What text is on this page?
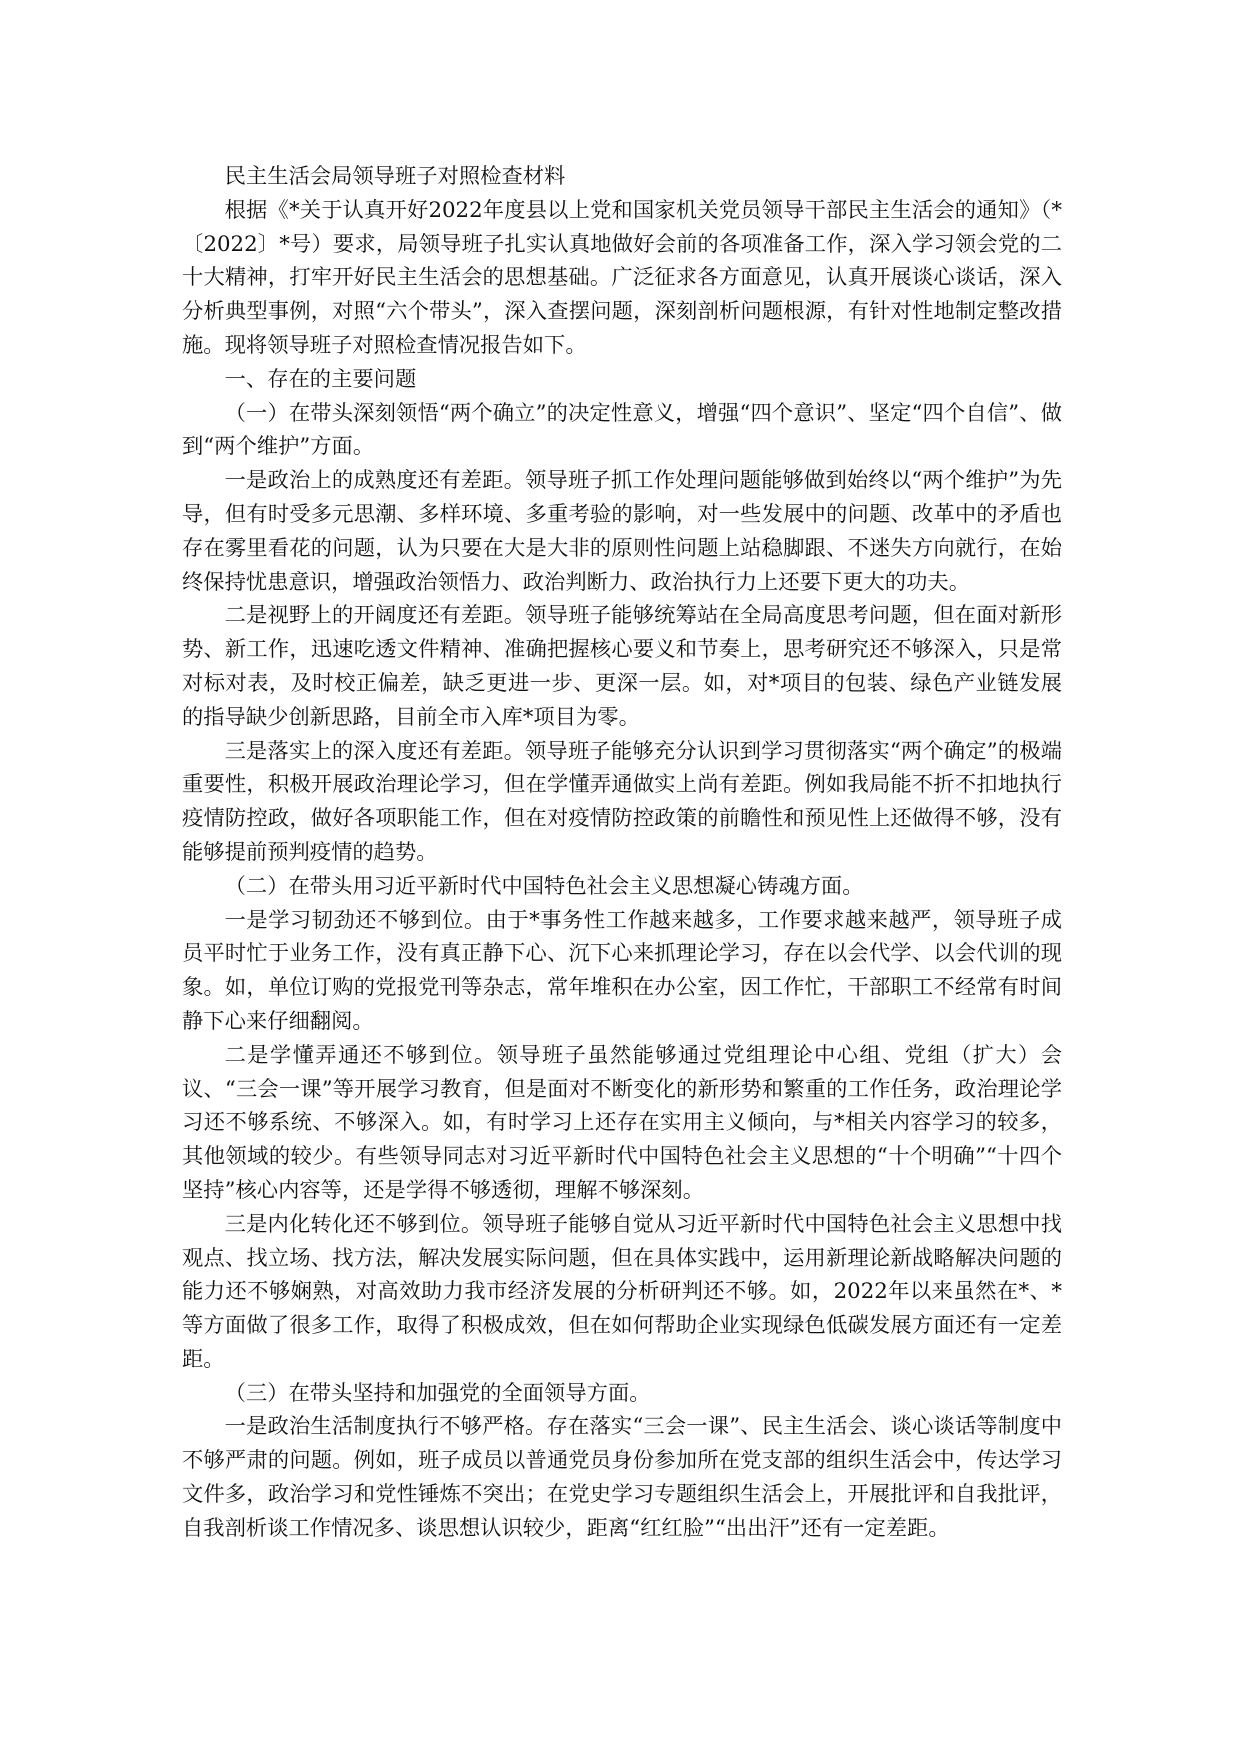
民主生活会局领导班子对照检查材料

根据《*关于认真开好2022年度县以上党和国家机关党员领导干部民主生活会的通知》（*〔2022〕*号）要求，局领导班子扎实认真地做好会前的各项准备工作，深入学习领会党的二十大精神，打牢开好民主生活会的思想基础。广泛征求各方面意见，认真开展谈心谈话，深入分析典型事例，对照“六个带头”，深入查摆问题，深刻剖析问题根源，有针对性地制定整改措施。现将领导班子对照检查情况报告如下。

一、存在的主要问题

（一）在带头深刻领悟“两个确立”的决定性意义，增强“四个意识”、坚定“四个自信”、做到“两个维护”方面。

一是政治上的成熟度还有差距。领导班子抓工作处理问题能够做到始终以“两个维护”为先导，但有时受多元思潮、多样环境、多重考验的影响，对一些发展中的问题、改革中的矛盾也存在雾里看花的问题，认为只要在大是大非的原则性问题上站稳脚跟、不迷失方向就行，在始终保持忧患意识，增强政治领悟力、政治判断力、政治执行力上还要下更大的功夫。

二是视野上的开阔度还有差距。领导班子能够统筹站在全局高度思考问题，但在面对新形势、新工作，迅速吃透文件精神、准确把握核心要义和节奏上，思考研究还不够深入，只是常对标对表，及时校正偏差，缺乏更进一步、更深一层。如，对*项目的包装、绿色产业链发展的指导缺少创新思路，目前全市入库*项目为零。

三是落实上的深入度还有差距。领导班子能够充分认识到学习贯彻落实“两个确定”的极端重要性，积极开展政治理论学习，但在学懂弄通做实上尚有差距。例如我局能不折不扣地执行疫情防控政，做好各项职能工作，但在对疫情防控政策的前瞻性和预见性上还做得不够，没有能够提前预判疫情的趋势。

（二）在带头用习近平新时代中国特色社会主义思想凝心铸魂方面。

一是学习韧劲还不够到位。由于*事务性工作越来越多，工作要求越来越严，领导班子成员平时忙于业务工作，没有真正静下心、沉下心来抓理论学习，存在以会代学、以会代训的现象。如，单位订购的党报党刊等杂志，常年堆积在办公室，因工作忙，干部职工不经常有时间静下心来仔细翻阅。

二是学懂弄通还不够到位。领导班子虽然能够通过党组理论中心组、党组（扩大）会议、“三会一课”等开展学习教育，但是面对不断变化的新形势和繁重的工作任务，政治理论学习还不够系统、不够深入。如，有时学习上还存在实用主义倾向，与*相关内容学习的较多，其他领域的较少。有些领导同志对习近平新时代中国特色社会主义思想的“十个明确”“十四个坚持”核心内容等，还是学得不够透彻，理解不够深刻。

三是内化转化还不够到位。领导班子能够自觉从习近平新时代中国特色社会主义思想中找观点、找立场、找方法，解决发展实际问题，但在具体实践中，运用新理论新战略解决问题的能力还不够娴熟，对高效助力我市经济发展的分析研判还不够。如，2022年以来虽然在*、*等方面做了很多工作，取得了积极成效，但在如何帮助企业实现绿色低碳发展方面还有一定差距。

（三）在带头坚持和加强党的全面领导方面。

一是政治生活制度执行不够严格。存在落实“三会一课”、民主生活会、谈心谈话等制度中不够严肃的问题。例如，班子成员以普通党员身份参加所在党支部的组织生活会中，传达学习文件多，政治学习和党性锤炼不突出；在党史学习专题组织生活会上，开展批评和自我批评，自我剖析谈工作情况多、谈思想认识较少，距离“红红脸”“出出汗”还有一定差距。
